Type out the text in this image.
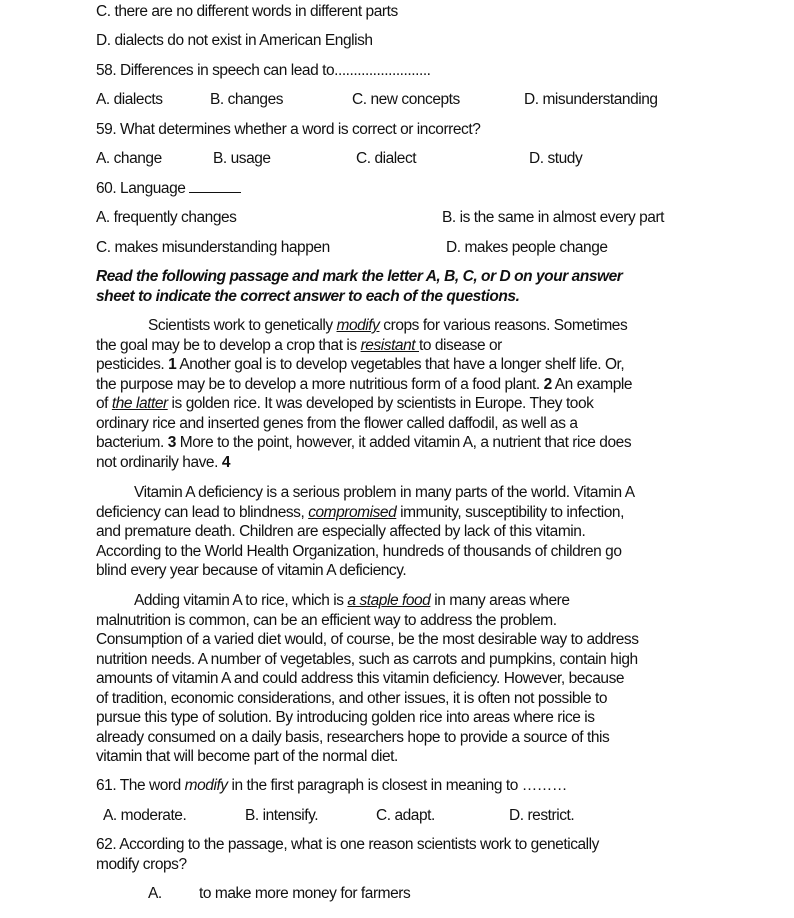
C. there are no different words in different parts
D. dialects do not exist in American English
58. Differences in speech can lead to.........................
A. dialects	B. changes	C. new concepts	D. misunderstanding
59. What determines whether a word is correct or incorrect?
A. change	B. usage	C. dialect	D. study
60. Language
A. frequently changes	B. is the same in almost every part
C. makes misunderstanding happen	D. makes people change
Read the following passage and mark the letter A, B, C, or D on your answer
sheet to indicate the correct answer to each of the questions.
Scientists work to genetically modify crops for various reasons. Sometimes
the goal may be to develop a crop that is resistant to disease or
pesticides. 1 Another goal is to develop vegetables that have a longer shelf life. Or,
the purpose may be to develop a more nutritious form of a food plant. 2 An example
of the latter is golden rice. It was developed by scientists in Europe. They took
ordinary rice and inserted genes from the flower called daffodil, as well as a
bacterium. 3 More to the point, however, it added vitamin A, a nutrient that rice does
not ordinarily have. 4
Vitamin A deficiency is a serious problem in many parts of the world. Vitamin A
deficiency can lead to blindness, compromised immunity, susceptibility to infection,
and premature death. Children are especially affected by lack of this vitamin.
According to the World Health Organization, hundreds of thousands of children go
blind every year because of vitamin A deficiency.
Adding vitamin A to rice, which is a staple food in many areas where
malnutrition is common, can be an efficient way to address the problem.
Consumption of a varied diet would, of course, be the most desirable way to address
nutrition needs. A number of vegetables, such as carrots and pumpkins, contain high
amounts of vitamin A and could address this vitamin deficiency. However, because
of tradition, economic considerations, and other issues, it is often not possible to
pursue this type of solution. By introducing golden rice into areas where rice is
already consumed on a daily basis, researchers hope to provide a source of this
vitamin that will become part of the normal diet.
61. The word modify in the first paragraph is closest in meaning to ………
A. moderate.	B. intensify.	C. adapt.	D. restrict.
62. According to the passage, what is one reason scientists work to genetically
modify crops?
A. to make more money for farmers
